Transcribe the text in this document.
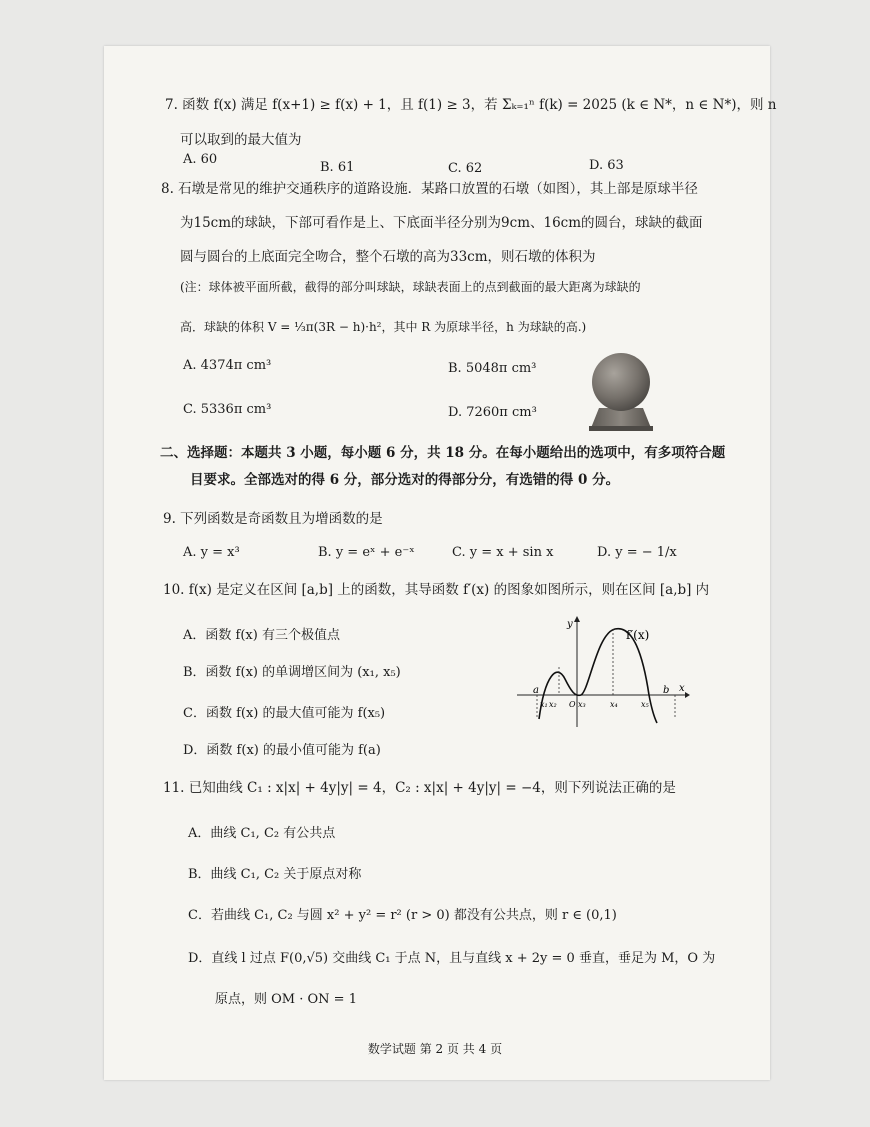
7. 函数 f(x) 满足 f(x+1) ≥ f(x) + 1，且 f(1) ≥ 3，若 Σₖ₌₁ⁿ f(k) = 2025 (k ∈ N*，n ∈ N*)，则 n
可以取到的最大值为
A. 60
B. 61	C. 62	D. 63
8. 石墩是常见的维护交通秩序的道路设施．某路口放置的石墩（如图），其上部是原球半径
为15cm的球缺，下部可看作是上、下底面半径分别为9cm、16cm的圆台，球缺的截面
圆与圆台的上底面完全吻合，整个石墩的高为33cm，则石墩的体积为
(注：球体被平面所截，截得的部分叫球缺，球缺表面上的点到截面的最大距离为球缺的
高．球缺的体积 V = ⅓π(3R − h)·h²，其中 R 为原球半径，h 为球缺的高.)
A. 4374π cm³	B. 5048π cm³
C. 5336π cm³	D. 7260π cm³
二、选择题：本题共 3 小题，每小题 6 分，共 18 分。在每小题给出的选项中，有多项符合题
目要求。全部选对的得 6 分，部分选对的得部分分，有选错的得 0 分。
9. 下列函数是奇函数且为增函数的是
A. y = x³	B. y = eˣ + e⁻ˣ	C. y = x + sin x	D. y = − 1/x
10. f(x) 是定义在区间 [a,b] 上的函数，其导函数 f′(x) 的图象如图所示，则在区间 [a,b] 内
A．函数 f(x) 有三个极值点
B．函数 f(x) 的单调增区间为 (x₁, x₅)
C．函数 f(x) 的最大值可能为 f(x₅)
D．函数 f(x) 的最小值可能为 f(a)
f′(x)
y
x
a
x₁ x₂	x₃	x₄	x₅
b
O
11. 已知曲线 C₁ : x|x| + 4y|y| = 4，C₂ : x|x| + 4y|y| = −4，则下列说法正确的是
A．曲线 C₁, C₂ 有公共点
B．曲线 C₁, C₂ 关于原点对称
C．若曲线 C₁, C₂ 与圆 x² + y² = r² (r > 0) 都没有公共点，则 r ∈ (0,1)
D．直线 l 过点 F(0,√5) 交曲线 C₁ 于点 N，且与直线 x + 2y = 0 垂直，垂足为 M，O 为
原点，则 OM · ON = 1
数学试题 第 2 页 共 4 页
